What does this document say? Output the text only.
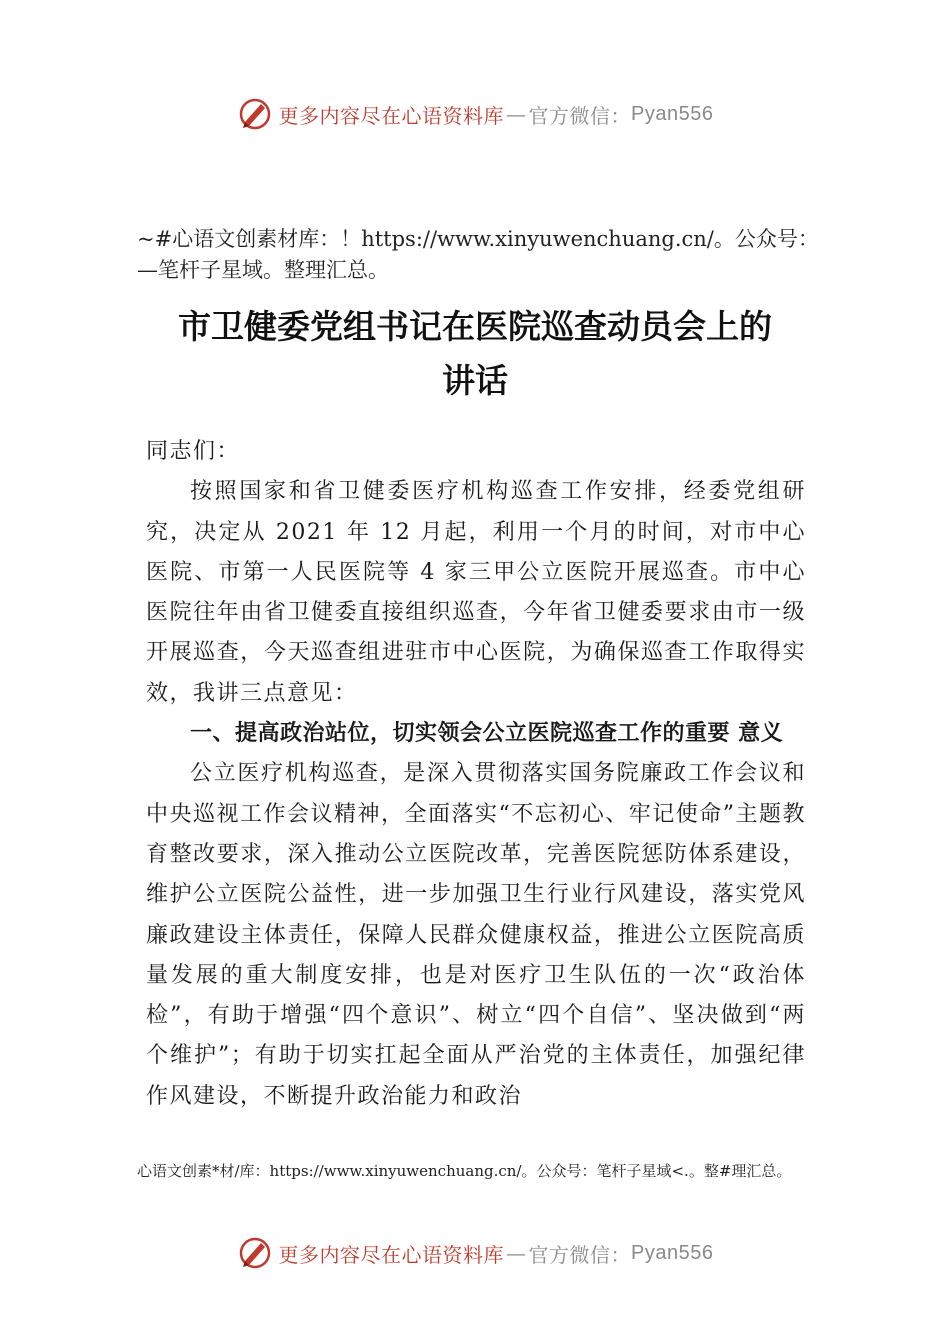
更多内容尽在心语资料库 — 官方微信： Pyan556
~#心语文创素材库：！https://www.xinyuwenchuang.cn/。公众号：—笔杆子星域。整理汇总。
市卫健委党组书记在医院巡查动员会上的
讲话

同志们：

按照国家和省卫健委医疗机构巡查工作安排，经委党组研究，决定从 2021 年 12 月起，利用一个月的时间，对市中心医院、市第一人民医院等 4 家三甲公立医院开展巡查。市中心医院往年由省卫健委直接组织巡查，今年省卫健委要求由市一级开展巡查，今天巡查组进驻市中心医院，为确保巡查工作取得实效，我讲三点意见：

一、提高政治站位，切实领会公立医院巡查工作的重要 意义

公立医疗机构巡查，是深入贯彻落实国务院廉政工作会议和中央巡视工作会议精神，全面落实“不忘初心、牢记使命”主题教育整改要求，深入推动公立医院改革，完善医院惩防体系建设，维护公立医院公益性，进一步加强卫生行业行风建设，落实党风廉政建设主体责任，保障人民群众健康权益，推进公立医院高质量发展的重大制度安排，也是对医疗卫生队伍的一次“政治体检”，有助于增强“四个意识”、树立“四个自信”、坚决做到“两个维护”；有助于切实扛起全面从严治党的主体责任，加强纪律作风建设，不断提升政治能力和政治

心语文创素*材/库：https://www.xinyuwenchuang.cn/。公众号：笔杆子星域<.。整#理汇总。
更多内容尽在心语资料库 — 官方微信： Pyan556
